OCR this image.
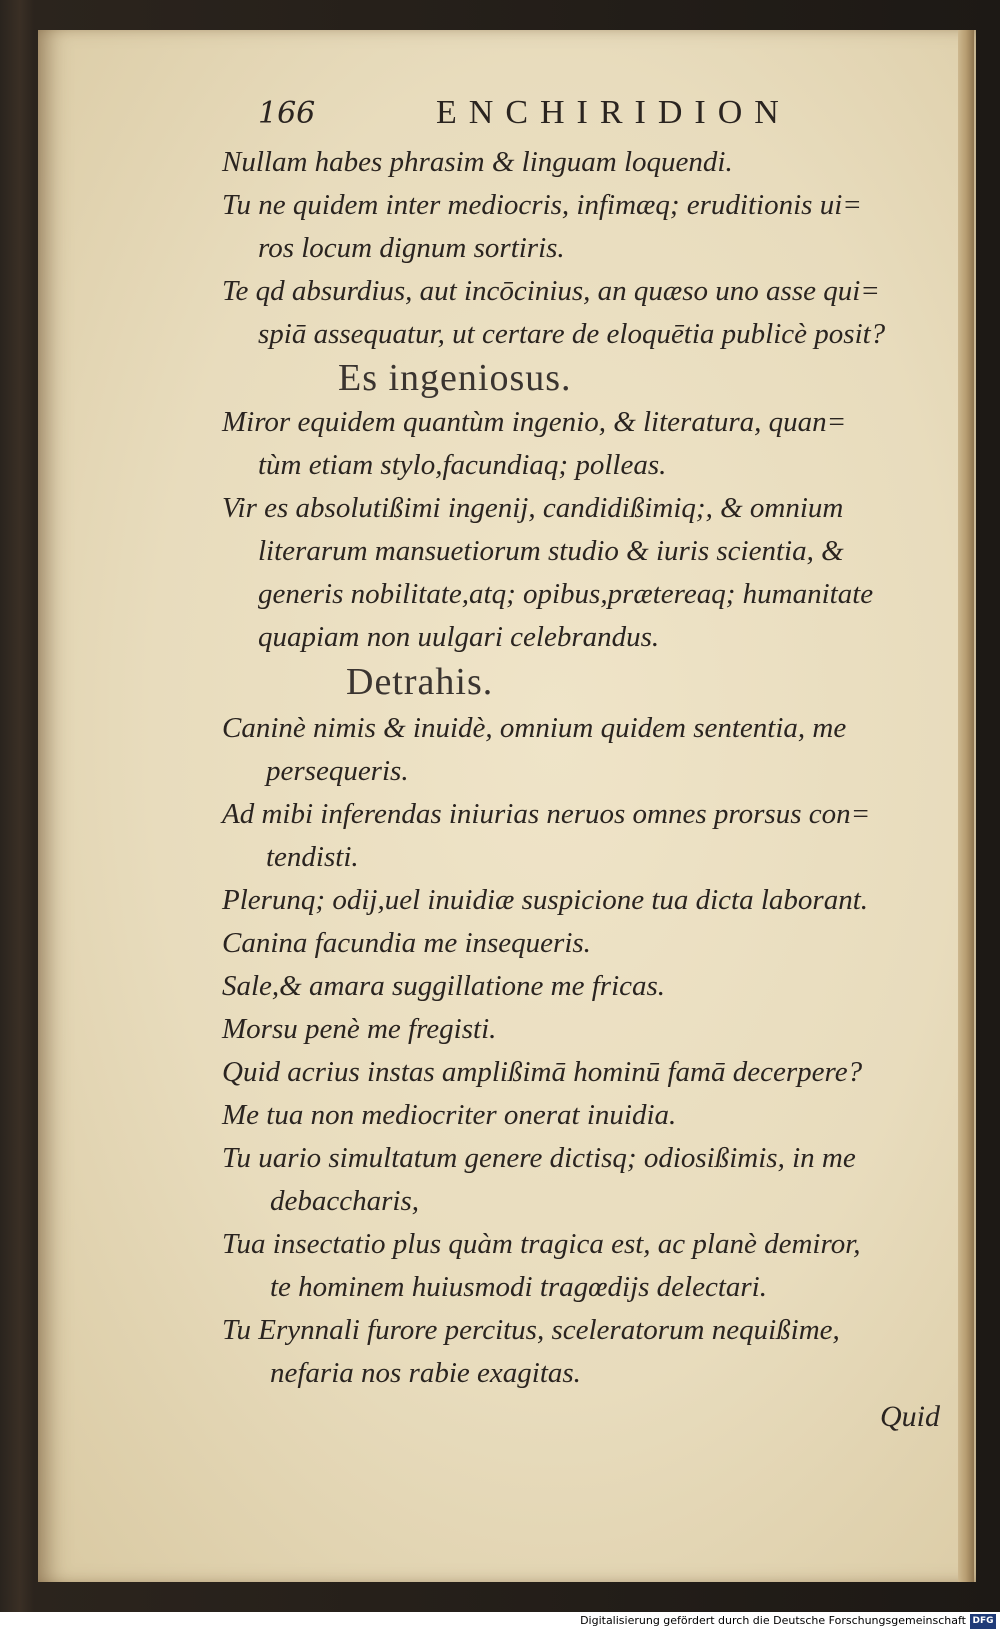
166	ENCHIRIDION
Nullam habes phrasim & linguam loquendi.
Tu ne quidem inter mediocris, infimæq; eruditionis ui=
ros locum dignum sortiris.
Te qd absurdius, aut incōcinius, an quæso uno asse qui=
spiā assequatur, ut certare de eloquētia publicè posit?
Es ingeniosus.
Miror equidem quantùm ingenio, & literatura, quan=
tùm etiam stylo,facundiaq; polleas.
Vir es absolutißimi ingenij, candidißimiq;, & omnium
literarum mansuetiorum studio & iuris scientia, &
generis nobilitate,atq; opibus,prætereaq; humanitate
quapiam non uulgari celebrandus.
Detrahis.
Caninè nimis & inuidè, omnium quidem sententia, me
persequeris.
Ad mibi inferendas iniurias neruos omnes prorsus con=
tendisti.
Plerunq; odij,uel inuidiæ suspicione tua dicta laborant.
Canina facundia me insequeris.
Sale,& amara suggillatione me fricas.
Morsu penè me fregisti.
Quid acrius instas amplißimā hominū famā decerpere?
Me tua non mediocriter onerat inuidia.
Tu uario simultatum genere dictisq; odiosißimis, in me
debaccharis,
Tua insectatio plus quàm tragica est, ac planè demiror,
te hominem huiusmodi tragœdijs delectari.
Tu Erynnali furore percitus, sceleratorum nequißime,
nefaria nos rabie exagitas.
Quid
Digitalisierung gefördert durch die Deutsche Forschungsgemeinschaft DFG
